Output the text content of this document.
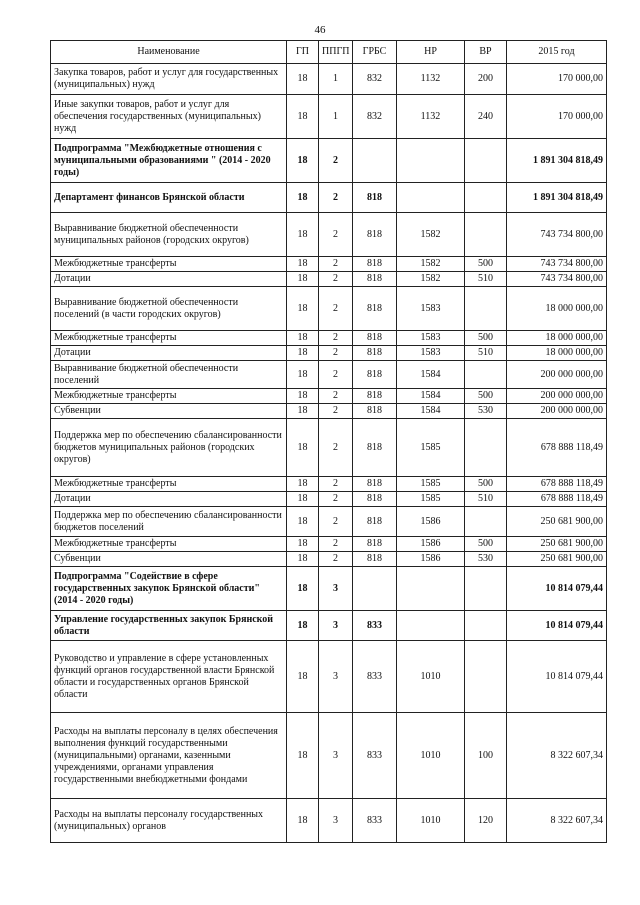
46
Наименование	ГП	ППГП	ГРБС	НР	ВР	2015 год
Закупка товаров, работ и услуг для государственных (муниципальных) нужд	18	1	832	1132	200	170 000,00
Иные закупки товаров, работ и услуг для обеспечения государственных (муниципальных) нужд	18	1	832	1132	240	170 000,00
Подпрограмма "Межбюджетные отношения с муниципальными образованиями " (2014 - 2020 годы)	18	2				1 891 304 818,49
Департамент финансов Брянской области	18	2	818			1 891 304 818,49
Выравнивание бюджетной обеспеченности муниципальных районов (городских округов)	18	2	818	1582		743 734 800,00
Межбюджетные трансферты	18	2	818	1582	500	743 734 800,00
Дотации	18	2	818	1582	510	743 734 800,00
Выравнивание бюджетной обеспеченности поселений (в части городских округов)	18	2	818	1583		18 000 000,00
Межбюджетные трансферты	18	2	818	1583	500	18 000 000,00
Дотации	18	2	818	1583	510	18 000 000,00
Выравнивание бюджетной обеспеченности поселений	18	2	818	1584		200 000 000,00
Межбюджетные трансферты	18	2	818	1584	500	200 000 000,00
Субвенции	18	2	818	1584	530	200 000 000,00
Поддержка мер по обеспечению сбалансированности бюджетов муниципальных районов (городских округов)	18	2	818	1585		678 888 118,49
Межбюджетные трансферты	18	2	818	1585	500	678 888 118,49
Дотации	18	2	818	1585	510	678 888 118,49
Поддержка мер по обеспечению сбалансированности бюджетов поселений	18	2	818	1586		250 681 900,00
Межбюджетные трансферты	18	2	818	1586	500	250 681 900,00
Субвенции	18	2	818	1586	530	250 681 900,00
Подпрограмма "Содействие в сфере государственных закупок Брянской области" (2014 - 2020 годы)	18	3				10 814 079,44
Управление государственных закупок Брянской области	18	3	833			10 814 079,44
Руководство и управление в сфере установленных функций органов государственной власти Брянской области и государственных органов Брянской области	18	3	833	1010		10 814 079,44
Расходы на выплаты персоналу в целях обеспечения выполнения функций государственными (муниципальными) органами, казенными учреждениями, органами управления государственными внебюджетными фондами	18	3	833	1010	100	8 322 607,34
Расходы на выплаты персоналу государственных (муниципальных) органов	18	3	833	1010	120	8 322 607,34
